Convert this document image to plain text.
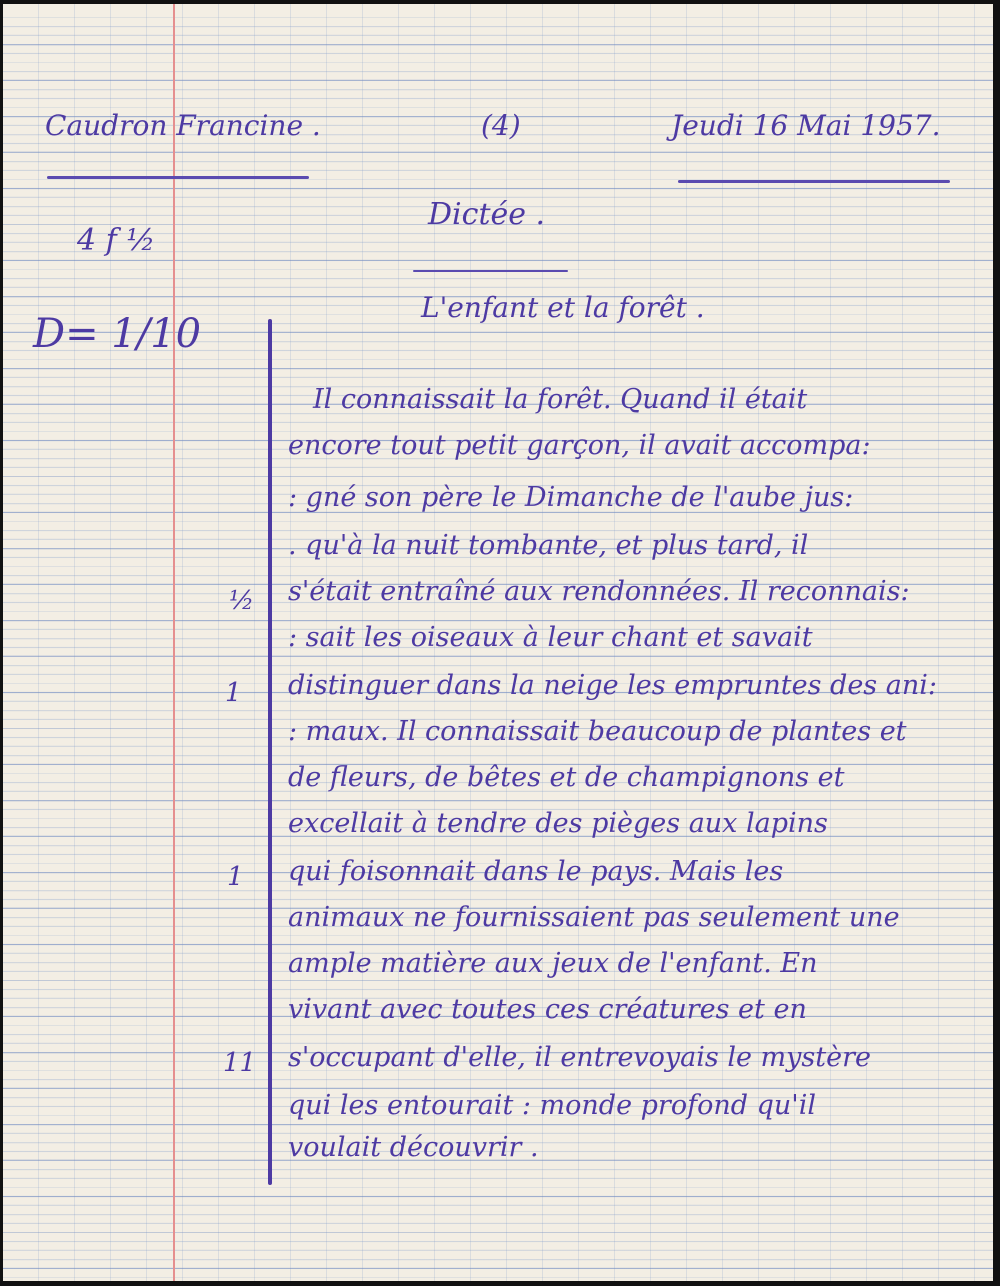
Caudron Francine .	(4)	Jeudi 16 Mai 1957.
4 f ½
D= 1/10
Dictée .
L'enfant et la forêt .
Il connaissait la forêt. Quand il était
encore tout petit garçon, il avait accompa:
: gné son père le Dimanche de l'aube jus:
. qu'à la nuit tombante, et plus tard, il
s'était entraîné aux rendonnées. Il reconnais:
: sait les oiseaux à leur chant et savait
distinguer dans la neige les empruntes des ani:
: maux. Il connaissait beaucoup de plantes et
de fleurs, de bêtes et de champignons et
excellait à tendre des pièges aux lapins
qui foisonnait dans le pays. Mais les
animaux ne fournissaient pas seulement une
ample matière aux jeux de l'enfant. En
vivant avec toutes ces créatures et en
s'occupant d'elle, il entrevoyais le mystère
qui les entourait : monde profond qu'il
voulait découvrir .
½
1
1
11
